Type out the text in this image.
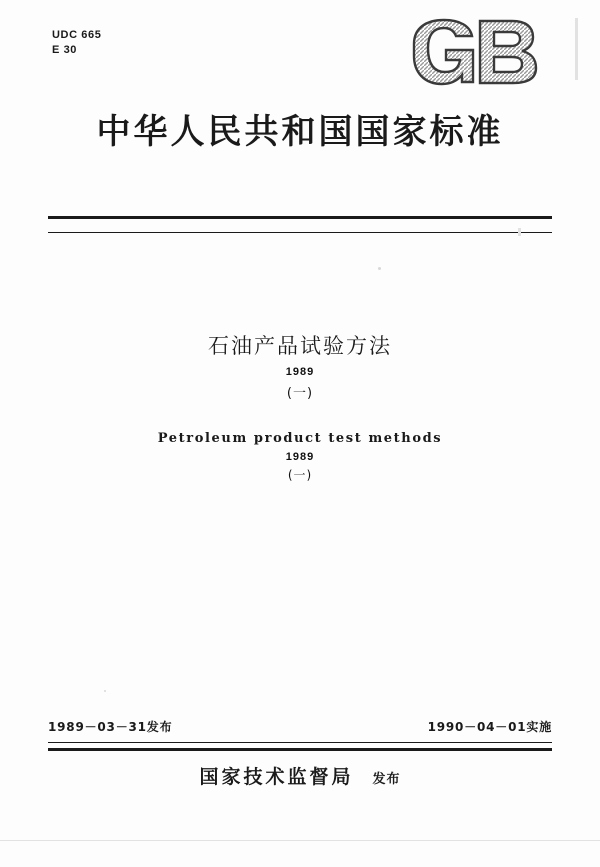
UDC 665
E 30
中华人民共和国国家标准
石油产品试验方法
1989
(一)
Petroleum product test methods
1989
(一)
1989－03－31发布	1990－04－01实施
国家技术监督局 发布
